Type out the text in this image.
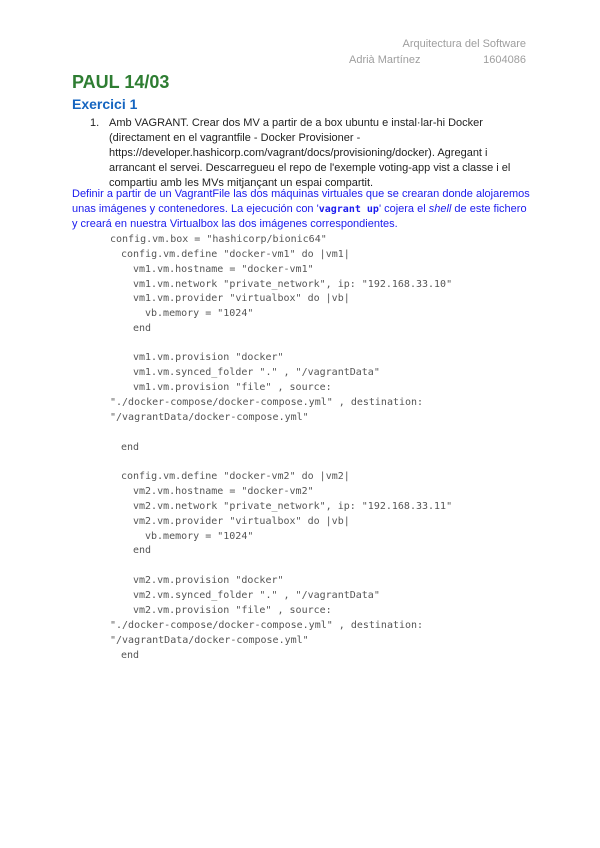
Arquitectura del Software
Adrià Martínez	1604086
PAUL 14/03
Exercici 1
1. Amb VAGRANT. Crear dos MV a partir de a box ubuntu e instal·lar-hi Docker (directament en el vagrantfile - Docker Provisioner - https://developer.hashicorp.com/vagrant/docs/provisioning/docker). Agregant i arrancant el servei. Descarregueu el repo de l'exemple voting-app vist a classe i el compartiu amb les MVs mitjançant un espai compartit.
Definir a partir de un VagrantFile las dos máquinas virtuales que se crearan donde alojaremos unas imágenes y contenedores. La ejecución con 'vagrant up' cojera el shell de este fichero y creará en nuestra Virtualbox las dos imágenes correspondientes.
config.vm.box = "hashicorp/bionic64"
config.vm.define "docker-vm1" do |vm1|
vm1.vm.hostname = "docker-vm1"
vm1.vm.network "private_network", ip: "192.168.33.10"
vm1.vm.provider "virtualbox" do |vb|
vb.memory = "1024"
end
vm1.vm.provision "docker"
vm1.vm.synced_folder "." , "/vagrantData"
vm1.vm.provision "file" , source:
"./docker-compose/docker-compose.yml" , destination:
"/vagrantData/docker-compose.yml"
end
config.vm.define "docker-vm2" do |vm2|
vm2.vm.hostname = "docker-vm2"
vm2.vm.network "private_network", ip: "192.168.33.11"
vm2.vm.provider "virtualbox" do |vb|
vb.memory = "1024"
end
vm2.vm.provision "docker"
vm2.vm.synced_folder "." , "/vagrantData"
vm2.vm.provision "file" , source:
"./docker-compose/docker-compose.yml" , destination:
"/vagrantData/docker-compose.yml"
end
